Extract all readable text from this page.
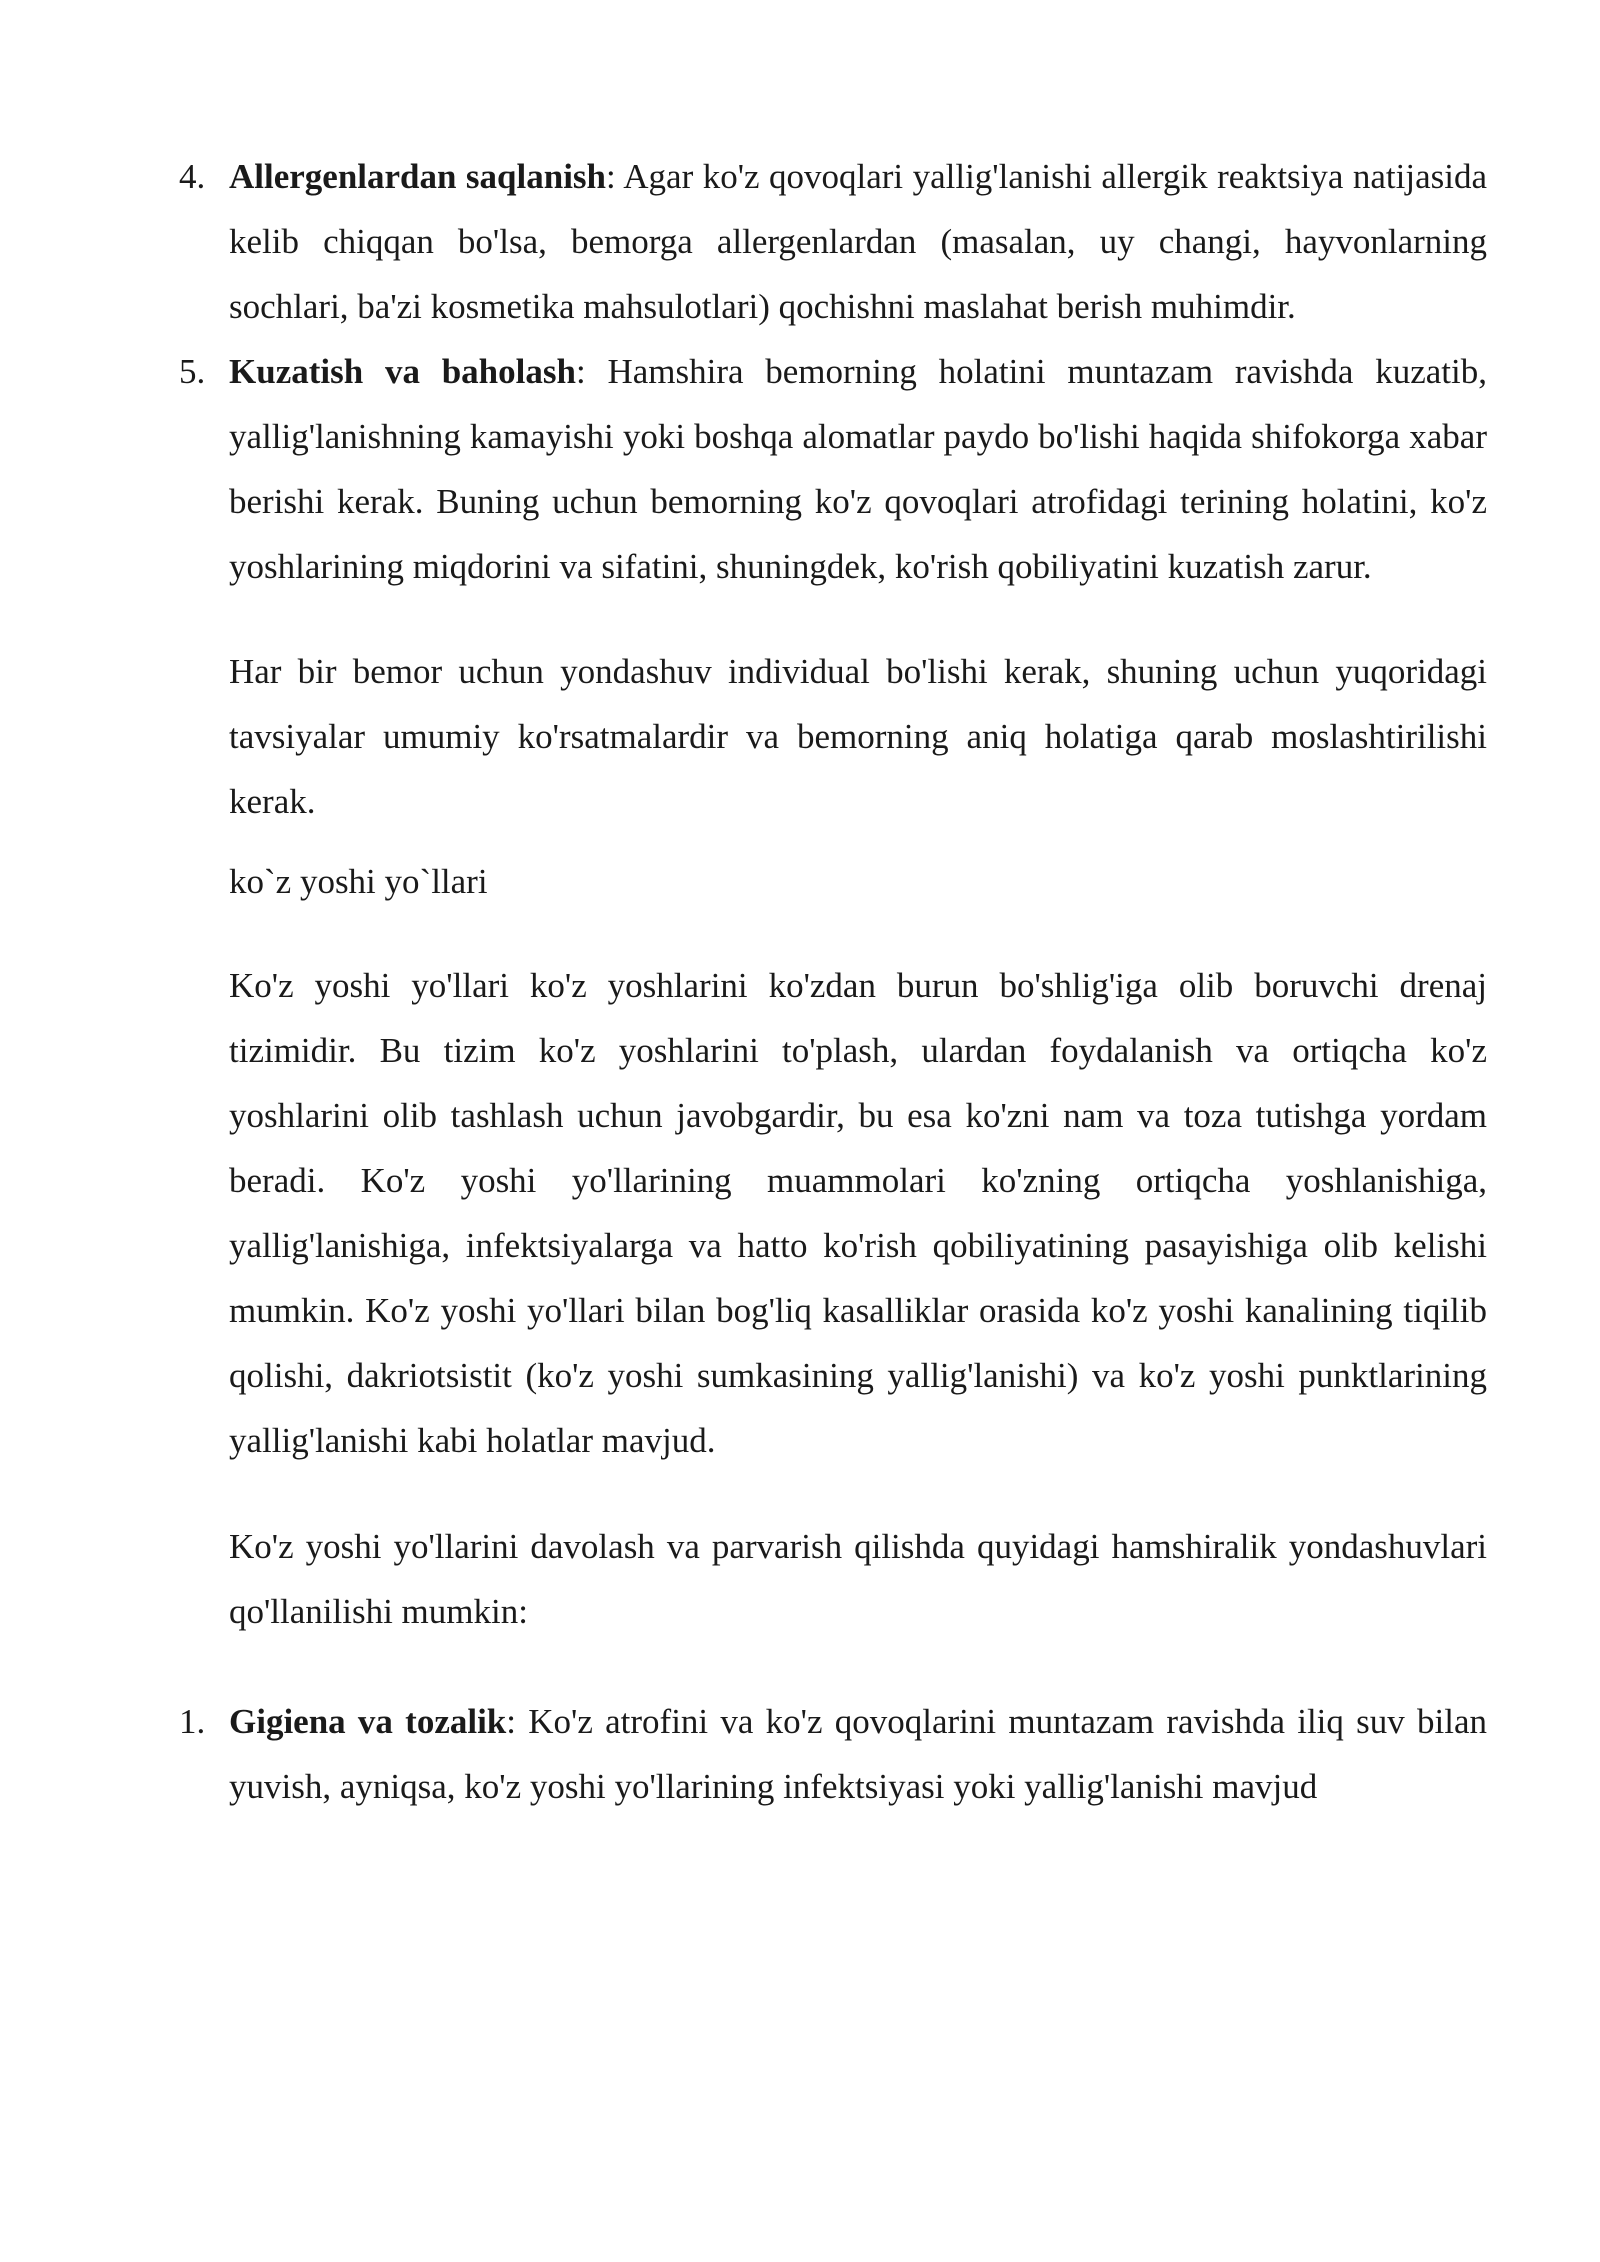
4. Allergenlardan saqlanish: Agar ko'z qovoqlari yallig'lanishi allergik reaktsiya natijasida kelib chiqqan bo'lsa, bemorga allergenlardan (masalan, uy changi, hayvonlarning sochlari, ba'zi kosmetika mahsulotlari) qochishni maslahat berish muhimdir.
5. Kuzatish va baholash: Hamshira bemorning holatini muntazam ravishda kuzatib, yallig'lanishning kamayishi yoki boshqa alomatlar paydo bo'lishi haqida shifokorga xabar berishi kerak. Buning uchun bemorning ko'z qovoqlari atrofidagi terining holatini, ko'z yoshlarining miqdorini va sifatini, shuningdek, ko'rish qobiliyatini kuzatish zarur.

Har bir bemor uchun yondashuv individual bo'lishi kerak, shuning uchun yuqoridagi tavsiyalar umumiy ko'rsatmalardir va bemorning aniq holatiga qarab moslashtirilishi kerak.

ko`z yoshi yo`llari

Ko'z yoshi yo'llari ko'z yoshlarini ko'zdan burun bo'shlig'iga olib boruvchi drenaj tizimidir. Bu tizim ko'z yoshlarini to'plash, ulardan foydalanish va ortiqcha ko'z yoshlarini olib tashlash uchun javobgardir, bu esa ko'zni nam va toza tutishga yordam beradi. Ko'z yoshi yo'llarining muammolari ko'zning ortiqcha yoshlanishiga, yallig'lanishiga, infektsiyalarga va hatto ko'rish qobiliyatining pasayishiga olib kelishi mumkin. Ko'z yoshi yo'llari bilan bog'liq kasalliklar orasida ko'z yoshi kanalining tiqilib qolishi, dakriotsistit (ko'z yoshi sumkasining yallig'lanishi) va ko'z yoshi punktlarining yallig'lanishi kabi holatlar mavjud.

Ko'z yoshi yo'llarini davolash va parvarish qilishda quyidagi hamshiralik yondashuvlari qo'llanilishi mumkin:

1. Gigiena va tozalik: Ko'z atrofini va ko'z qovoqlarini muntazam ravishda iliq suv bilan yuvish, ayniqsa, ko'z yoshi yo'llarining infektsiyasi yoki yallig'lanishi mavjud
